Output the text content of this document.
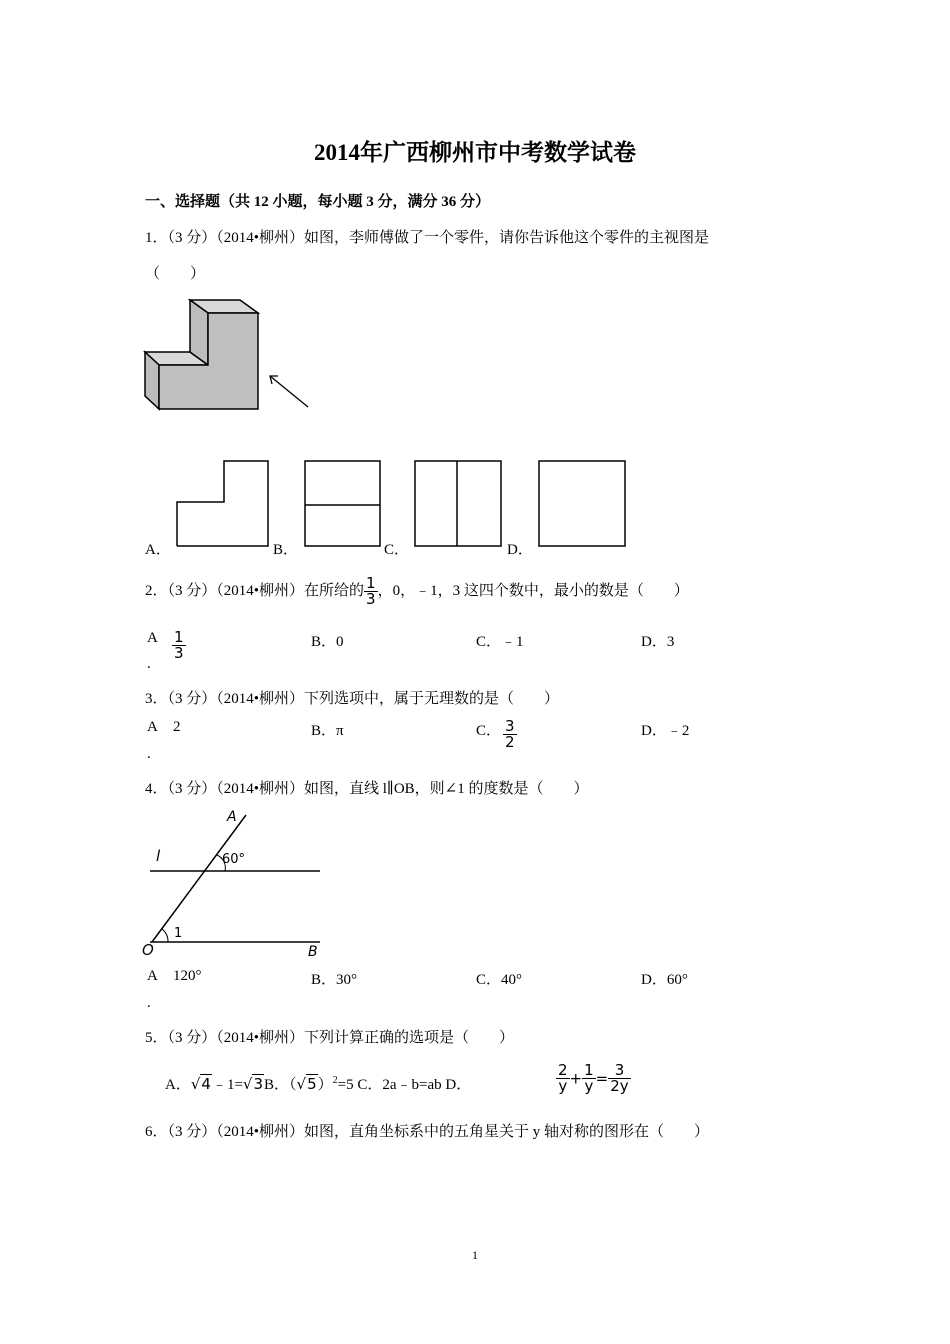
2014年广西柳州市中考数学试卷
一、选择题（共 12 小题，每小题 3 分，满分 36 分）
1．（3 分）（2014•柳州）如图，李师傅做了一个零件，请你告诉他这个零件的主视图是
（　　）
A．	B．	C．	D．
2．（3 分）（2014•柳州）在所给的 $\frac{1}{3}$ ，0，﹣1，3 这四个数中，最小的数是（　　）
A
.
$\frac{1}{3}$	B．0	C．﹣1	D．3
3．（3 分）（2014•柳州）下列选项中，属于无理数的是（　　）
A
.
2	B．π	C． $\frac{3}{2}$	D．﹣2
4．（3 分）（2014•柳州）如图，直线 l∥OB，则∠1 的度数是（　　）
A
l	60°
1
O	B
A
.
120°	B．30°	C．40°	D．60°
5．（3 分）（2014•柳州）下列计算正确的选项是（　　）
A．√4﹣1=√3B．$(√5)^2=5$ C．2a﹣b=ab D．	$\frac{2}{y} + \frac{1}{y} = \frac{3}{2y}$
6．（3 分）（2014•柳州）如图，直角坐标系中的五角星关于 y 轴对称的图形在（　　）
1
